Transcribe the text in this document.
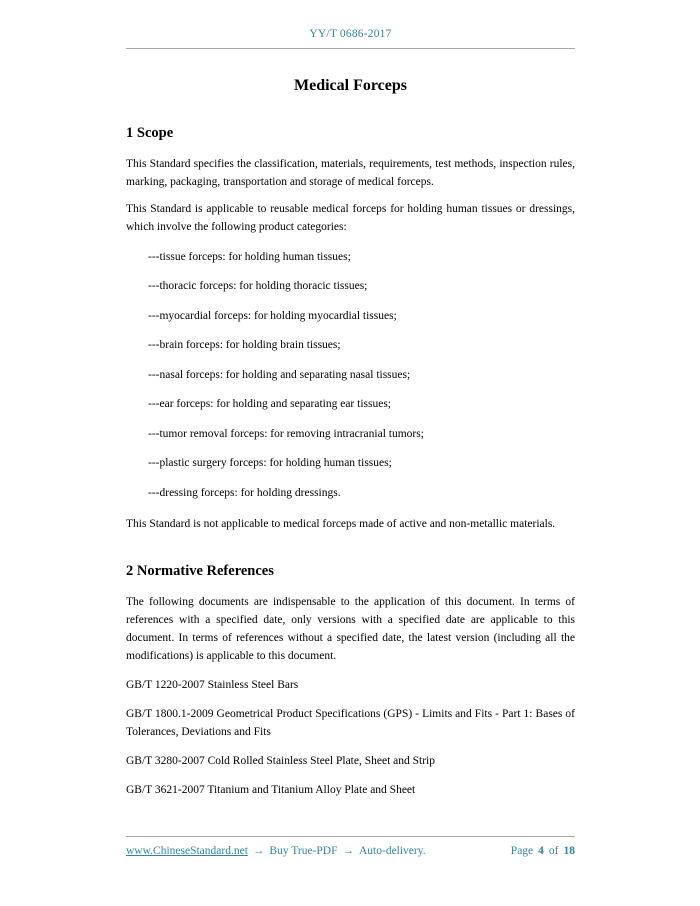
YY/T 0686-2017
Medical Forceps
1 Scope

This Standard specifies the classification, materials, requirements, test methods, inspection rules, marking, packaging, transportation and storage of medical forceps.

This Standard is applicable to reusable medical forceps for holding human tissues or dressings, which involve the following product categories:

---tissue forceps: for holding human tissues;

---thoracic forceps: for holding thoracic tissues;

---myocardial forceps: for holding myocardial tissues;

---brain forceps: for holding brain tissues;

---nasal forceps: for holding and separating nasal tissues;

---ear forceps: for holding and separating ear tissues;

---tumor removal forceps: for removing intracranial tumors;

---plastic surgery forceps: for holding human tissues;

---dressing forceps: for holding dressings.

This Standard is not applicable to medical forceps made of active and non-metallic materials.

2 Normative References

The following documents are indispensable to the application of this document. In terms of references with a specified date, only versions with a specified date are applicable to this document. In terms of references without a specified date, the latest version (including all the modifications) is applicable to this document.

GB/T 1220-2007 Stainless Steel Bars

GB/T 1800.1-2009 Geometrical Product Specifications (GPS) - Limits and Fits - Part 1: Bases of Tolerances, Deviations and Fits

GB/T 3280-2007 Cold Rolled Stainless Steel Plate, Sheet and Strip

GB/T 3621-2007 Titanium and Titanium Alloy Plate and Sheet

www.ChineseStandard.net → Buy True-PDF → Auto-delivery.	Page 4 of 18
